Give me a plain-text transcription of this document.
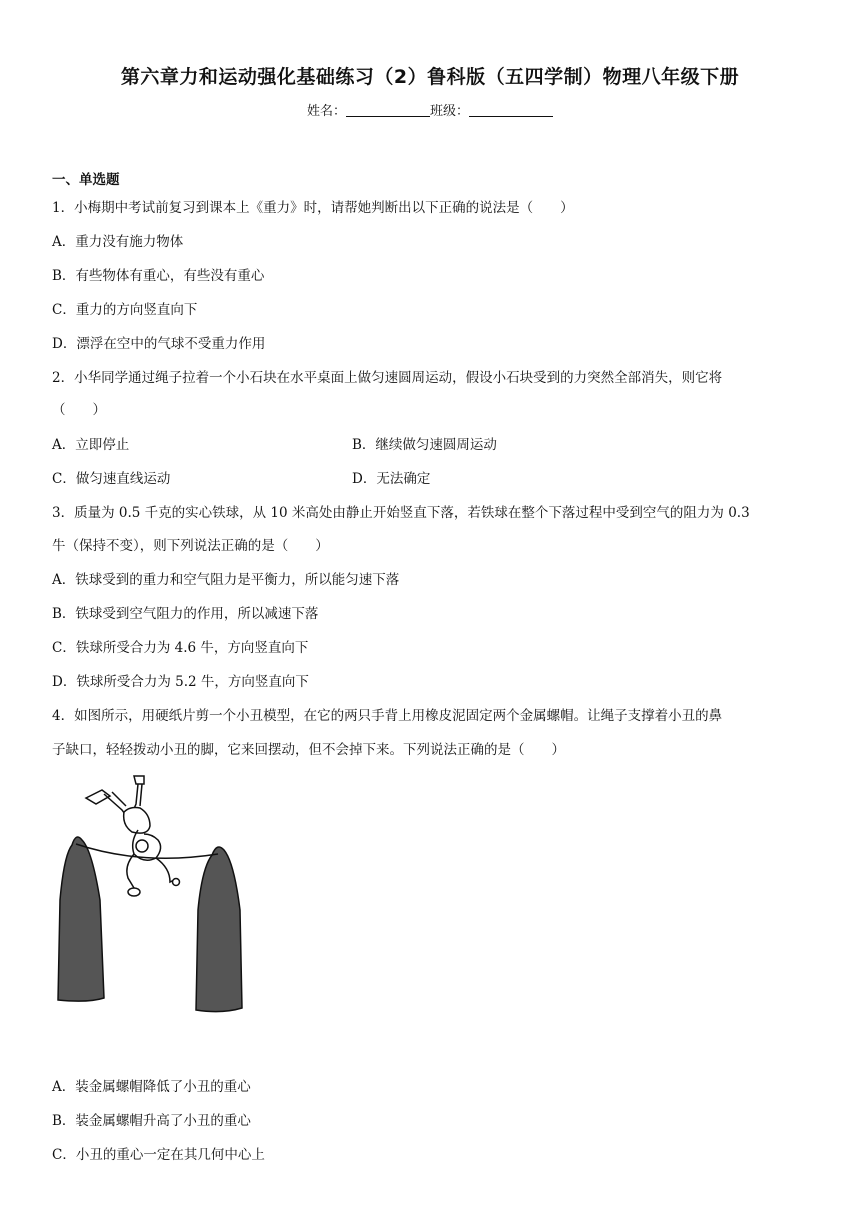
第六章力和运动强化基础练习（2）鲁科版（五四学制）物理八年级下册
姓名：	班级：
一、单选题
1．小梅期中考试前复习到课本上《重力》时，请帮她判断出以下正确的说法是（　　）
A．重力没有施力物体
B．有些物体有重心，有些没有重心
C．重力的方向竖直向下
D．漂浮在空中的气球不受重力作用
2．小华同学通过绳子拉着一个小石块在水平桌面上做匀速圆周运动，假设小石块受到的力突然全部消失，则它将
（　　）
A．立即停止	B．继续做匀速圆周运动
C．做匀速直线运动	D．无法确定
3．质量为 0.5 千克的实心铁球，从 10 米高处由静止开始竖直下落，若铁球在整个下落过程中受到空气的阻力为 0.3
牛（保持不变），则下列说法正确的是（　　）
A．铁球受到的重力和空气阻力是平衡力，所以能匀速下落
B．铁球受到空气阻力的作用，所以减速下落
C．铁球所受合力为 4.6 牛，方向竖直向下
D．铁球所受合力为 5.2 牛，方向竖直向下
4．如图所示，用硬纸片剪一个小丑模型，在它的两只手背上用橡皮泥固定两个金属螺帽。让绳子支撑着小丑的鼻
子缺口，轻轻拨动小丑的脚，它来回摆动，但不会掉下来。下列说法正确的是（　　）
A．装金属螺帽降低了小丑的重心
B．装金属螺帽升高了小丑的重心
C．小丑的重心一定在其几何中心上
